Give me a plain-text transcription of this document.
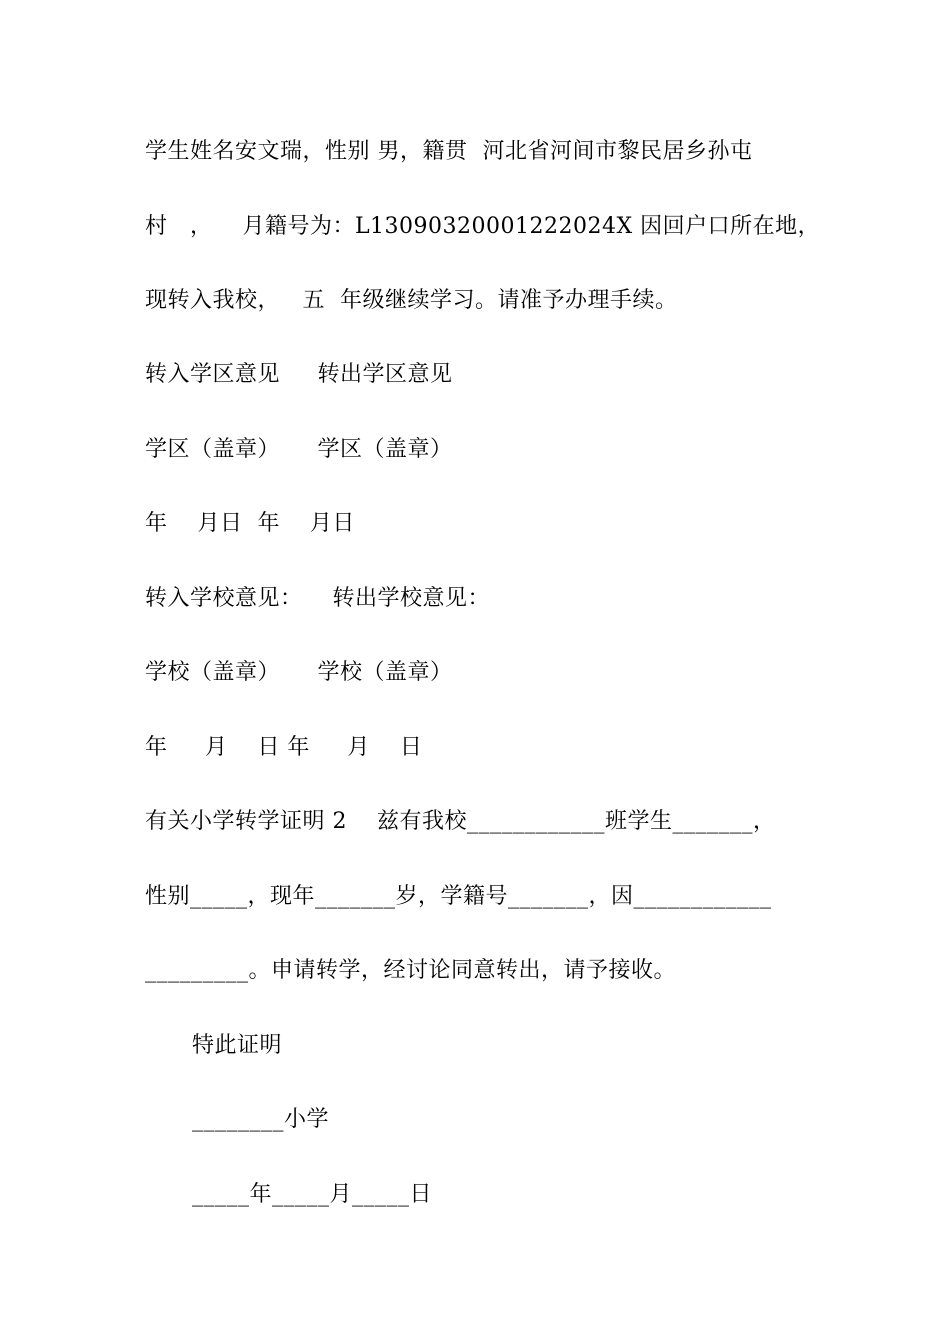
学生姓名安文瑞，性别 男，籍贯  河北省河间市黎民居乡孙屯
村   ，    月籍号为：L13090320001222024X 因回户口所在地，
现转入我校，   五  年级继续学习。请准予办理手续。
转入学区意见     转出学区意见
学区（盖章）     学区（盖章）
年    月日  年    月日
转入学校意见：    转出学校意见：
学校（盖章）     学校（盖章）
年     月    日 年     月    日
有关小学转学证明 2    兹有我校____________班学生_______，
性别_____，现年_______岁，学籍号_______，因____________
_________。申请转学，经讨论同意转出，请予接收。
特此证明
________小学
_____年_____月_____日
